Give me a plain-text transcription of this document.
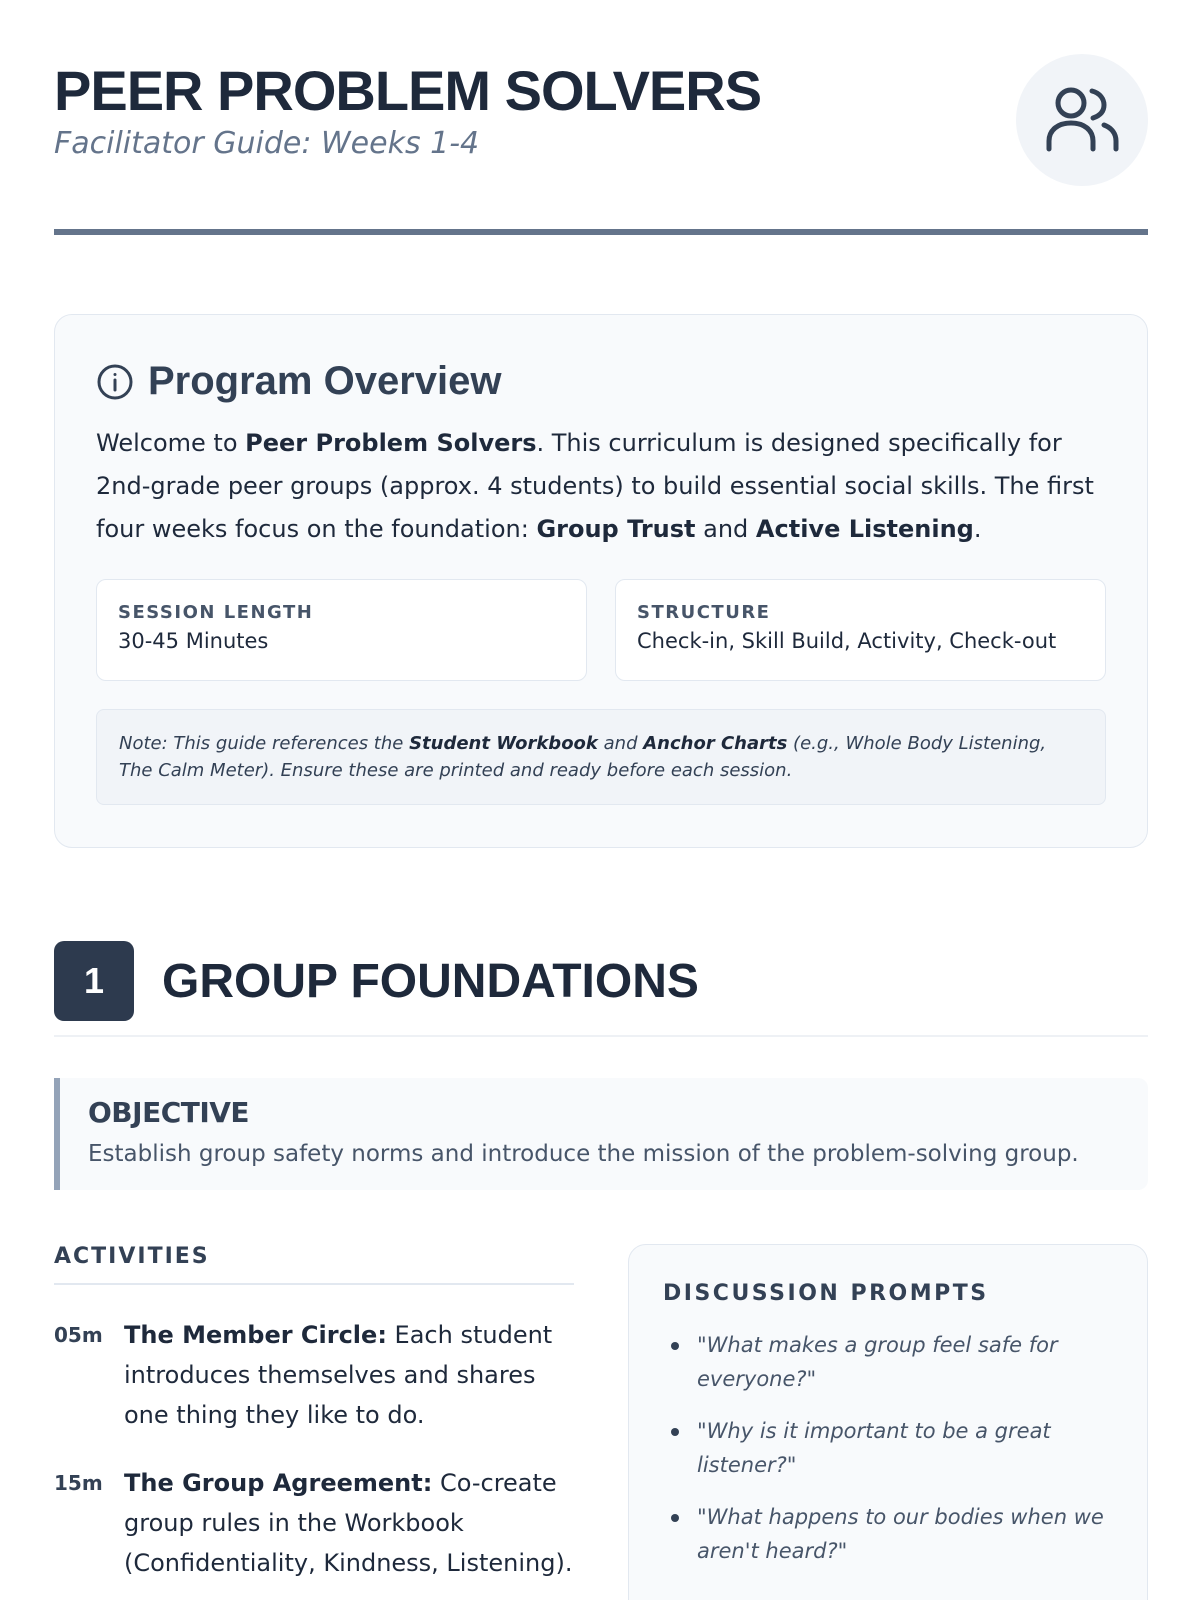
PEER PROBLEM SOLVERS
Facilitator Guide: Weeks 1-4
Program Overview

Welcome to Peer Problem Solvers. This curriculum is designed specifically for 2nd-grade peer groups (approx. 4 students) to build essential social skills. The first four weeks focus on the foundation: Group Trust and Active Listening.

SESSION LENGTH
30-45 Minutes
STRUCTURE
Check-in, Skill Build, Activity, Check-out
Note: This guide references the Student Workbook and Anchor Charts (e.g., Whole Body Listening, The Calm Meter). Ensure these are printed and ready before each session.
1	GROUP FOUNDATIONS
OBJECTIVE
Establish group safety norms and introduce the mission of the problem-solving group.
ACTIVITIES
05m The Member Circle: Each student introduces themselves and shares one thing they like to do.
15m The Group Agreement: Co-create group rules in the Workbook (Confidentiality, Kindness, Listening).
DISCUSSION PROMPTS
"What makes a group feel safe for everyone?"
"Why is it important to be a great listener?"
"What happens to our bodies when we aren't heard?"
